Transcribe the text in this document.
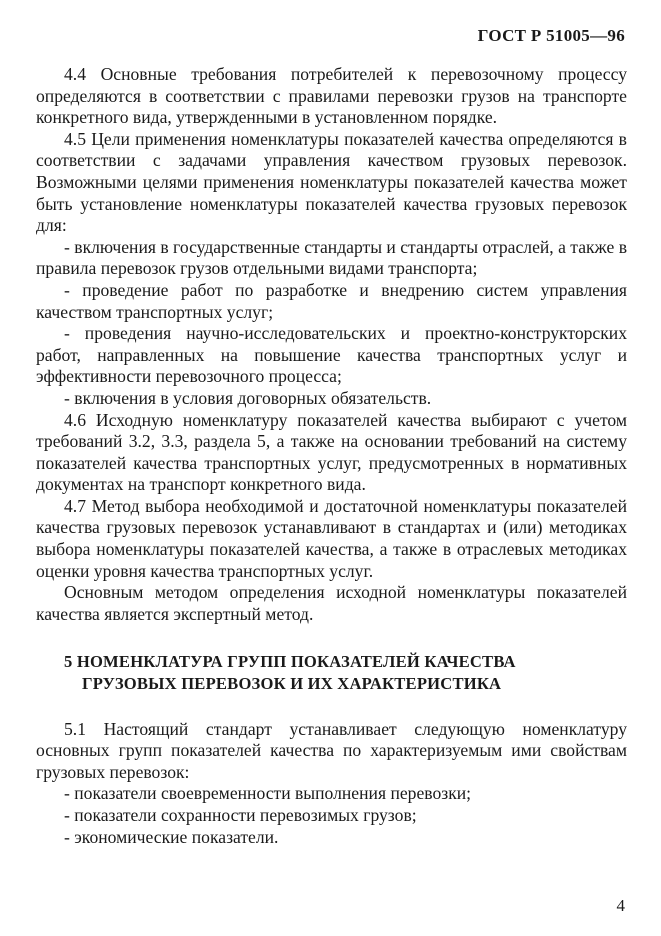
ГОСТ Р 51005—96

4.4 Основные требования потребителей к перевозочному процессу определяются в соответствии с правилами перевозки грузов на транспорте конкретного вида, утвержденными в установленном порядке.

4.5 Цели применения номенклатуры показателей качества определяются в соответствии с задачами управления качеством грузовых перевозок. Возможными целями применения номенклатуры показателей качества может быть установление номенклатуры показателей качества грузовых перевозок для:

- включения в государственные стандарты и стандарты отраслей, а также в правила перевозок грузов отдельными видами транспорта;
- проведение работ по разработке и внедрению систем управления качеством транспортных услуг;
- проведения научно-исследовательских и проектно-конструкторских работ, направленных на повышение качества транспортных услуг и эффективности перевозочного процесса;
- включения в условия договорных обязательств.

4.6 Исходную номенклатуру показателей качества выбирают с учетом требований 3.2, 3.3, раздела 5, а также на основании требований на систему показателей качества транспортных услуг, предусмотренных в нормативных документах на транспорт конкретного вида.

4.7 Метод выбора необходимой и достаточной номенклатуры показателей качества грузовых перевозок устанавливают в стандартах и (или) методиках выбора номенклатуры показателей качества, а также в отраслевых методиках оценки уровня качества транспортных услуг.

Основным методом определения исходной номенклатуры показателей качества является экспертный метод.

5 НОМЕНКЛАТУРА ГРУПП ПОКАЗАТЕЛЕЙ КАЧЕСТВА
ГРУЗОВЫХ ПЕРЕВОЗОК И ИХ ХАРАКТЕРИСТИКА

5.1 Настоящий стандарт устанавливает следующую номенклатуру основных групп показателей качества по характеризуемым ими свойствам грузовых перевозок:

- показатели своевременности выполнения перевозки;
- показатели сохранности перевозимых грузов;
- экономические показатели.
4
